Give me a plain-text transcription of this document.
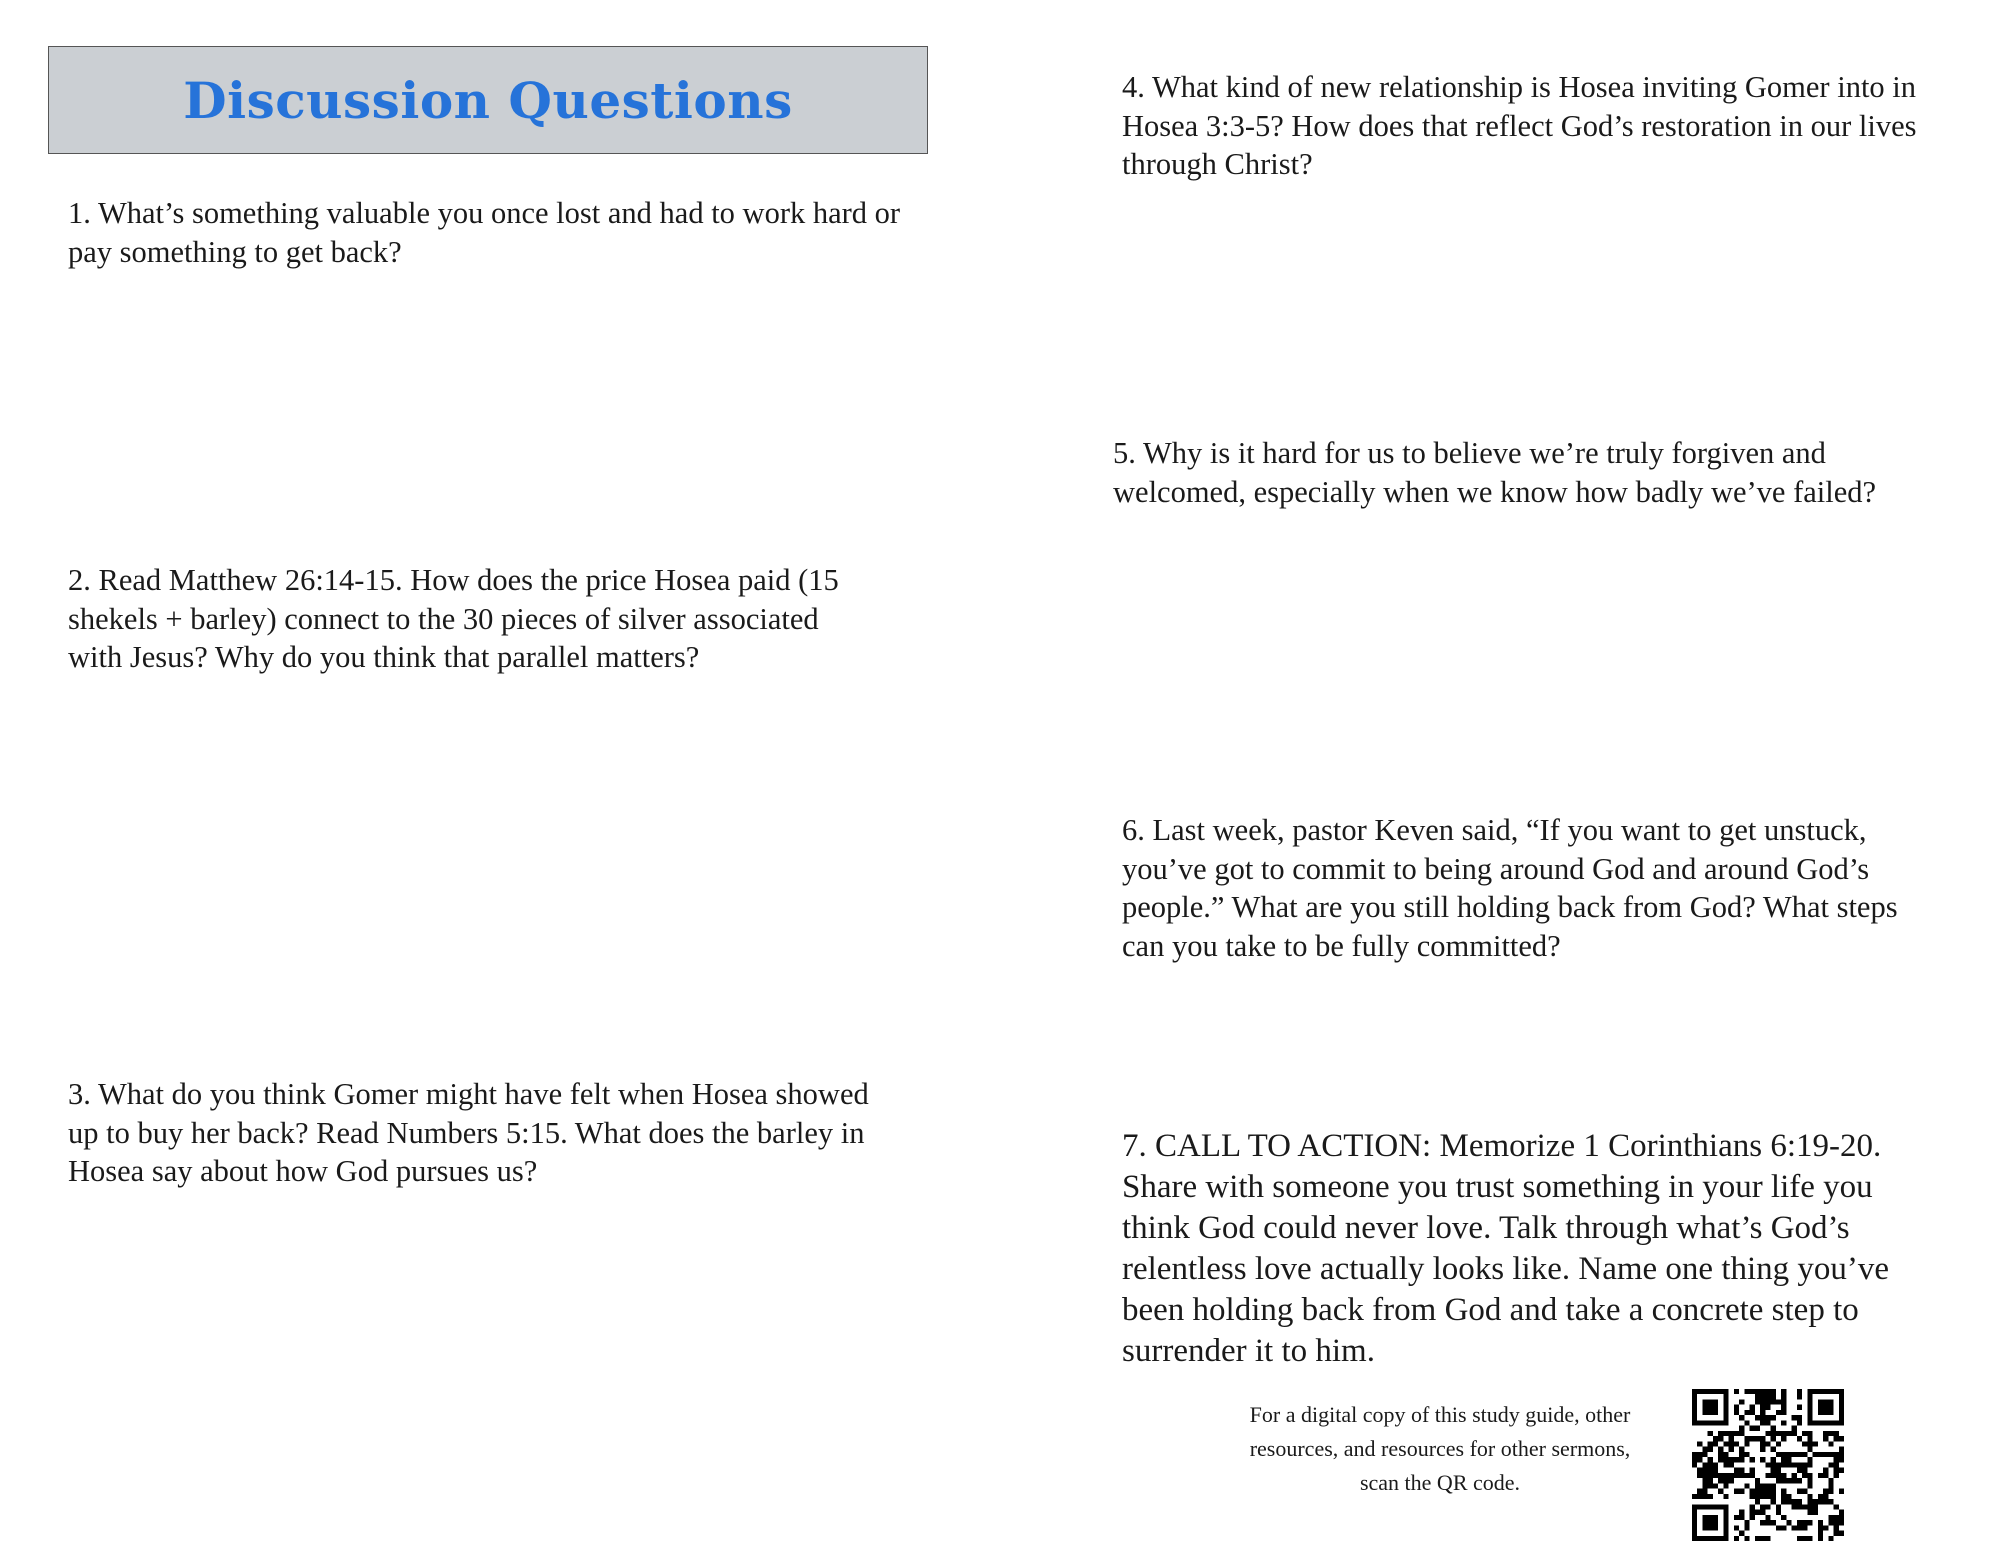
Discussion Questions

1. What’s something valuable you once lost and had to work hard or pay something to get back?

2. Read Matthew 26:14-15. How does the price Hosea paid (15 shekels + barley) connect to the 30 pieces of silver associated with Jesus? Why do you think that parallel matters?

3. What do you think Gomer might have felt when Hosea showed up to buy her back? Read Numbers 5:15. What does the barley in Hosea say about how God pursues us?

4. What kind of new relationship is Hosea inviting Gomer into in Hosea 3:3-5? How does that reflect God’s restoration in our lives through Christ?

5. Why is it hard for us to believe we’re truly forgiven and welcomed, especially when we know how badly we’ve failed?

6. Last week, pastor Keven said, “If you want to get unstuck, you’ve got to commit to being around God and around God’s people.” What are you still holding back from God? What steps can you take to be fully committed?

7. CALL TO ACTION: Memorize 1 Corinthians 6:19-20. Share with someone you trust something in your life you think God could never love. Talk through what’s God’s relentless love actually looks like. Name one thing you’ve been holding back from God and take a concrete step to surrender it to him.

For a digital copy of this study guide, other resources, and resources for other sermons, scan the QR code.
